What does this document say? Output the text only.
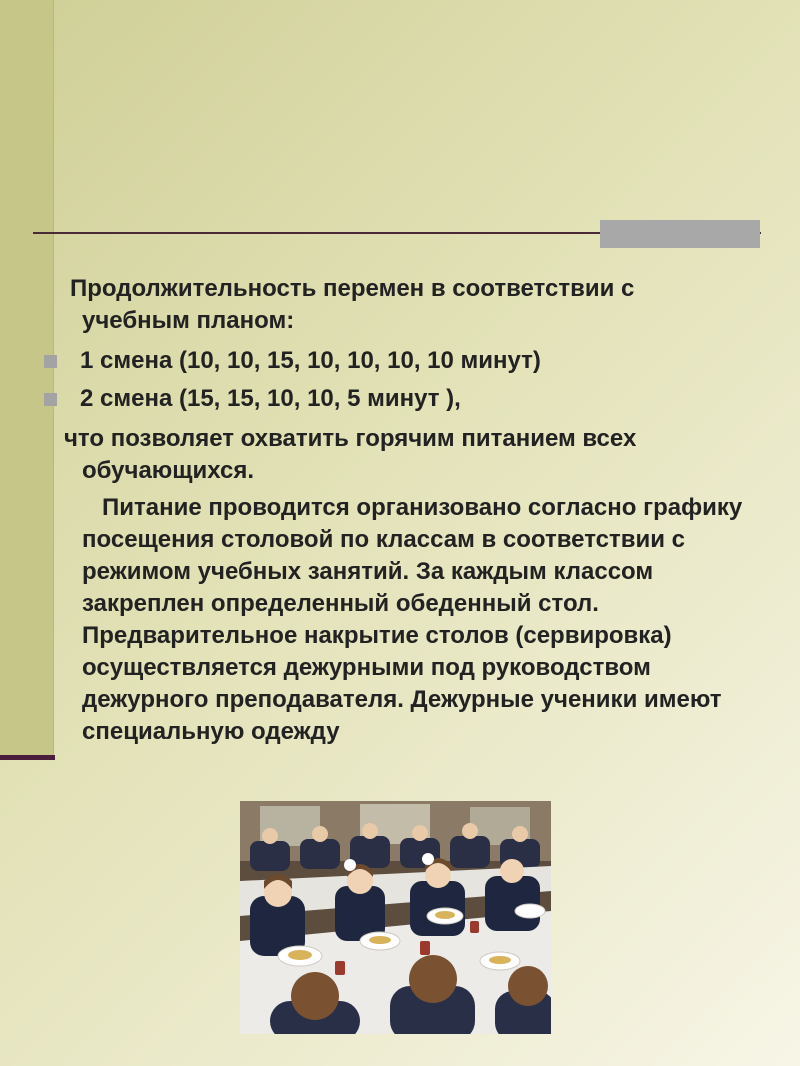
Продолжительность перемен в соответствии с
учебным планом:

1 смена (10, 10, 15, 10, 10, 10, 10 минут)
2 смена (15, 15, 10, 10, 5 минут ),

что позволяет охватить горячим питанием всех
обучающихся.

Питание проводится организовано согласно графику посещения столовой по классам в соответствии с режимом учебных занятий. За каждым классом закреплен определенный обеденный стол. Предварительное накрытие столов (сервировка) осуществляется дежурными под руководством дежурного преподавателя. Дежурные ученики имеют специальную одежду
